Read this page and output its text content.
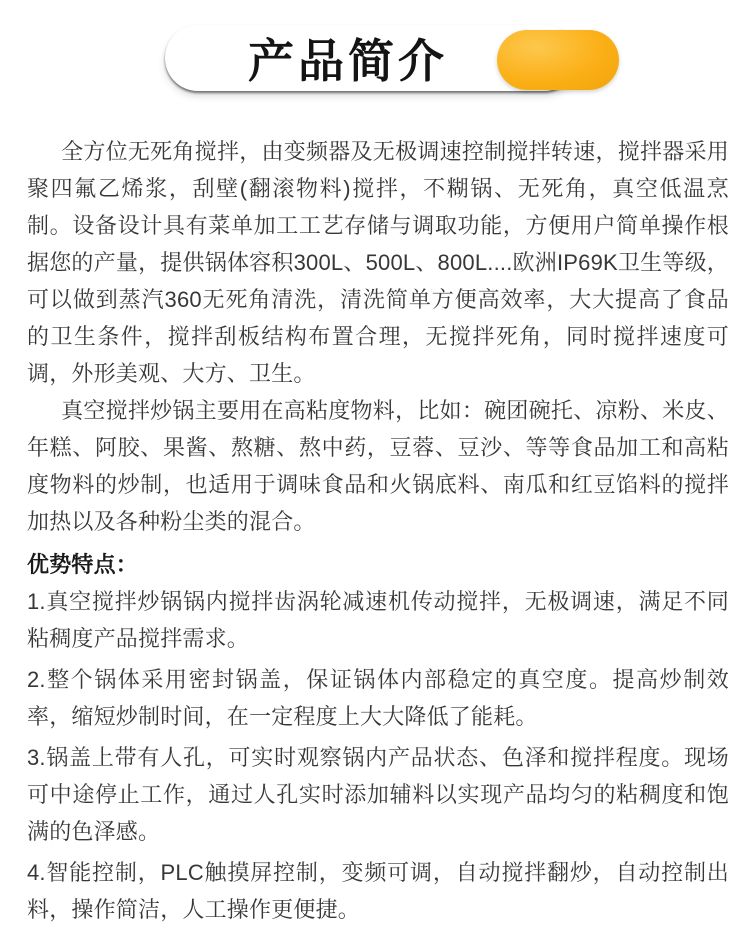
产品简介

全方位无死角搅拌，由变频器及无极调速控制搅拌转速，搅拌器采用聚四氟乙烯浆，刮壁(翻滚物料)搅拌，不糊锅、无死角，真空低温烹制。设备设计具有菜单加工工艺存储与调取功能，方便用户简单操作根据您的产量，提供锅体容积300L、500L、800L....欧洲IP69K卫生等级，可以做到蒸汽360无死角清洗，清洗简单方便高效率，大大提高了食品的卫生条件，搅拌刮板结构布置合理，无搅拌死角，同时搅拌速度可调，外形美观、大方、卫生。

真空搅拌炒锅主要用在高粘度物料，比如：碗团碗托、凉粉、米皮、年糕、阿胶、果酱、熬糖、熬中药，豆蓉、豆沙、等等食品加工和高粘度物料的炒制，也适用于调味食品和火锅底料、南瓜和红豆馅料的搅拌加热以及各种粉尘类的混合。

优势特点：

1.真空搅拌炒锅锅内搅拌齿涡轮减速机传动搅拌，无极调速，满足不同粘稠度产品搅拌需求。

2.整个锅体采用密封锅盖，保证锅体内部稳定的真空度。提高炒制效率，缩短炒制时间，在一定程度上大大降低了能耗。

3.锅盖上带有人孔，可实时观察锅内产品状态、色泽和搅拌程度。现场可中途停止工作，通过人孔实时添加辅料以实现产品均匀的粘稠度和饱满的色泽感。

4.智能控制，PLC触摸屏控制，变频可调，自动搅拌翻炒，自动控制出料，操作简洁，人工操作更便捷。
